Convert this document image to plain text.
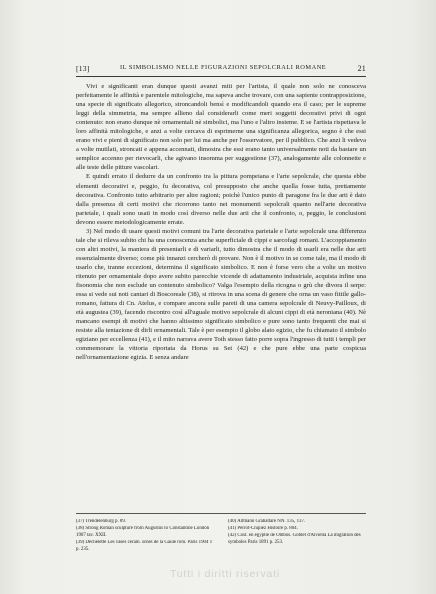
[13]	IL SIMBOLISMO NELLE FIGURAZIONI SEPOLCRALI ROMANE	21

Vivi e significanti eran dunque questi avanzi miti per l'artista, il quale non solo ne conosceva perfettamente le affinità e parentele mitologiche, ma sapeva anche trovare, con una sapiente contrapposizione, una specie di significato allegorico, stroncandoli bensì e modificandoli quando era il caso; per le supreme leggi della simmetria, ma sempre allieno dal considerarli come meri soggetti decorativi privi di ogni contenuto: non erano dunque nè ornamentali nè simbolici, ma l'uno e l'altro insieme. E se l'artista rispettava le loro affinità mitologiche, e anzi a volte cercava di esprimerne una significanza allegorica, segno è che essi erano vivi e pieni di significato non solo per lui ma anche per l'osservatore, per il pubblico. Che anzi li vedeva a volte mutilati, stroncati e appena accennati, dimostra che essi erano tanto universalmente noti da bastare un semplice accenno per rievocarli, che agivano insomma per suggestione (37), analogamente alle colonnette e alle teste delle pitture vascolari.

E quindi errato il dedurre da un confronto tra la pittura pompeiana e l'arte sepolcrale, che questa ebbe elementi decorativi e, peggio, fu decorativa, col presupposto che anche quella fosse tutta, prettamente decorativa. Confronto tutto arbitrario per altre ragioni; poichè l'unico punto di paragone fra le due arti è dato dalla presenza di certi motivi che ricorrono tanto nei monumenti sepolcrali quanto nell'arte decorativa parietale, i quali sono usati in modo così diverso nelle due arti che il confronto, o, peggio, le conclusioni devono essere metodologicamente errate.

3) Nel modo di usare questi motivi comuni tra l'arte decorativa parietale e l'arte sepolcrale una differenza tale che si rileva subito chi ha una conoscenza anche superficiale di cippi e sarcofagi romani. L'accoppiamento con altri motivi, la maniera di presentarli e di variarli, tutto dimostra che il modo di usarli era nelle due arti essenzialmente diverso; come più innanzi cercherò di provare. Non è il motivo in se come tale, ma il modo di usarlo che, tranne eccezioni, determina il significato simbolico. E non è forse vero che a volte un motivo ritenuto per ornamentale dopo avere subito parecchie vicende di adattamento industriale, acquista infine una fisonomia che non esclude un contenuto simbolico? Valga l'esempio della ricogna o grù che divora il serpe: essa si vede sui noti cantari di Boscoreale (38), si ritrova in una scena di genere che orna un vaso fittile gallo-romano, fattura di Cn. Atelus, e compare ancora sulle pareti di una camera sepolcrale di Neuvy-Pailloux, di età augustea (39), facendo riscontro così all'uguale motivo sepolcrale di alcuni cippi di età neroniana (40). Nè mancano esempi di motivi che hanno altissimo significato simbolico e pure sono tanto frequenti che mai si resiste alla tentazione di dirli ornamentali. Tale è per esempio il globo alato egizio, che fu chiamato il simbolo egiziano per eccellenza (41), e il mito narrava avere Toth stesso fatto porre sopra l'ingresso di tutti i templi per commemorare la vittoria riportata da Horus su Set (42) e che pure ebbe una parte cospicua nell'ornamentazione egizia. E senza andare

(37) Trendelenburg p. 89.
(38) Strong Roman sculpture from Augustus to Constantine London 1907 tav. XXII.
(39) Dechelette Les vases ceram. ornés de la Gaule rom. Paris 1904 T p. 235.
(40) Altmann Grabaltäre NN. 135, 137.
(41) Perrot-Chipiez Histoire p. 804.
(42) Cost. en egyptie de Ombos. Goblet d'Alviella La migration des symboles Paris 1891 p. 253.
Tutti i diritti riservati
